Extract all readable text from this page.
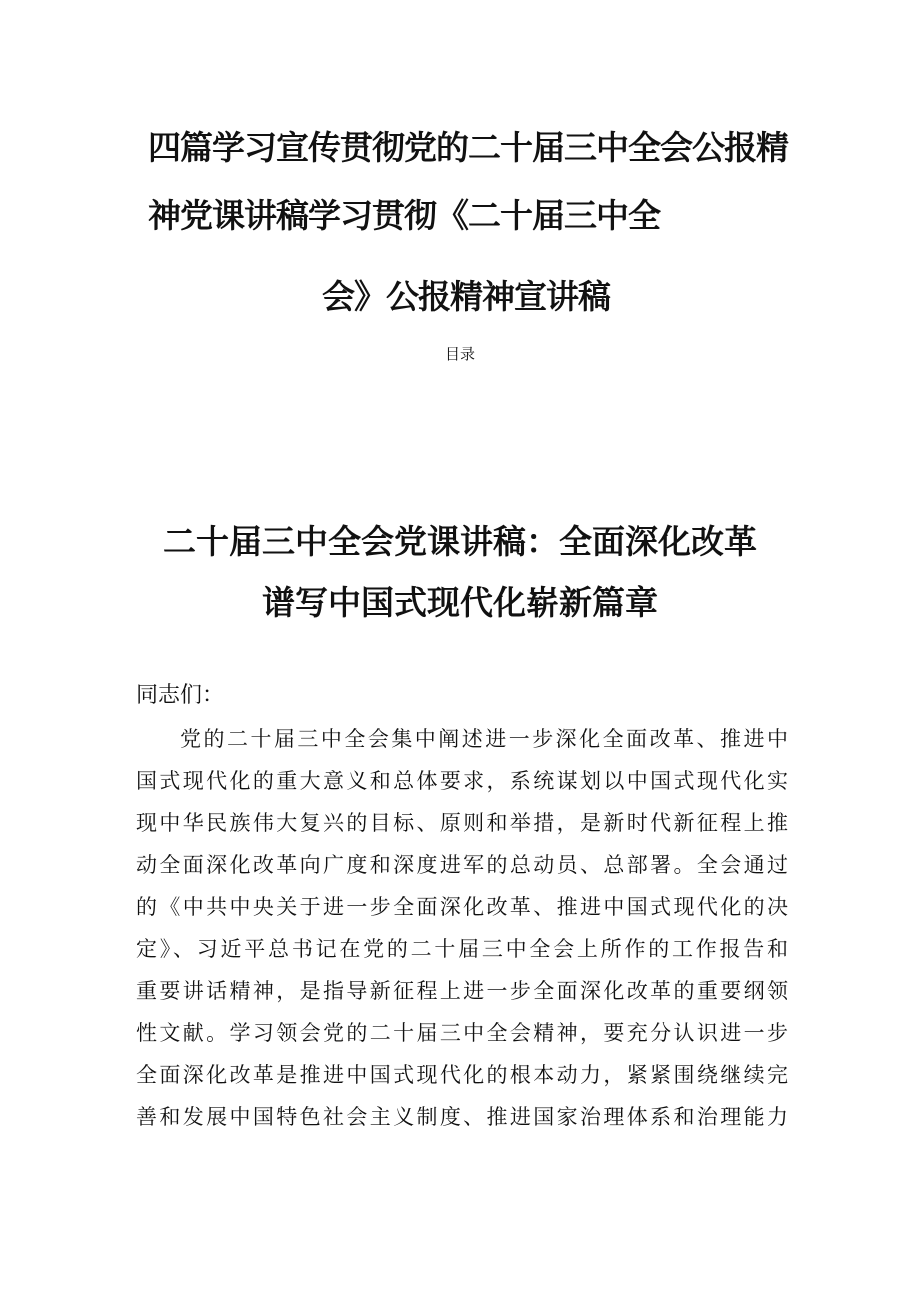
四篇学习宣传贯彻党的二十届三中全会公报精
神党课讲稿学习贯彻《二十届三中全
会》公报精神宣讲稿
目录
二十届三中全会党课讲稿：全面深化改革
谱写中国式现代化崭新篇章
同志们：
党的二十届三中全会集中阐述进一步深化全面改革、推进中
国式现代化的重大意义和总体要求，系统谋划以中国式现代化实
现中华民族伟大复兴的目标、原则和举措，是新时代新征程上推
动全面深化改革向广度和深度进军的总动员、总部署。全会通过
的《中共中央关于进一步全面深化改革、推进中国式现代化的决
定》、习近平总书记在党的二十届三中全会上所作的工作报告和
重要讲话精神，是指导新征程上进一步全面深化改革的重要纲领
性文献。学习领会党的二十届三中全会精神，要充分认识进一步
全面深化改革是推进中国式现代化的根本动力，紧紧围绕继续完
善和发展中国特色社会主义制度、推进国家治理体系和治理能力
